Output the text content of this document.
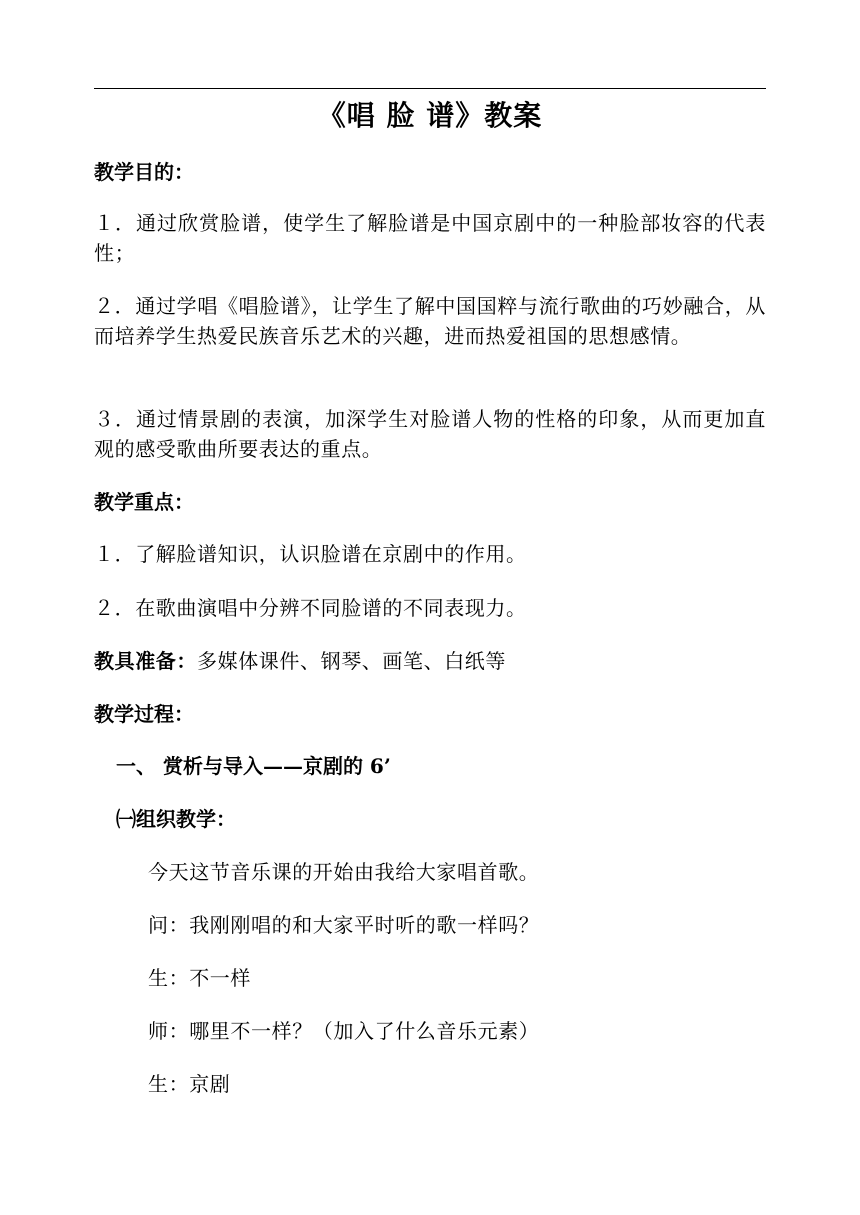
《唱 脸 谱》教案
教学目的：
１．通过欣赏脸谱，使学生了解脸谱是中国京剧中的一种脸部妆容的代表性；
２．通过学唱《唱脸谱》，让学生了解中国国粹与流行歌曲的巧妙融合，从而培养学生热爱民族音乐艺术的兴趣，进而热爱祖国的思想感情。
３．通过情景剧的表演，加深学生对脸谱人物的性格的印象，从而更加直观的感受歌曲所要表达的重点。
教学重点：
１．了解脸谱知识，认识脸谱在京剧中的作用。
２．在歌曲演唱中分辨不同脸谱的不同表现力。
教具准备：多媒体课件、钢琴、画笔、白纸等
教学过程：
一、 赏析与导入——京剧的 6’
㈠组织教学：
今天这节音乐课的开始由我给大家唱首歌。
问：我刚刚唱的和大家平时听的歌一样吗？
生：不一样
师：哪里不一样？（加入了什么音乐元素）
生：京剧
